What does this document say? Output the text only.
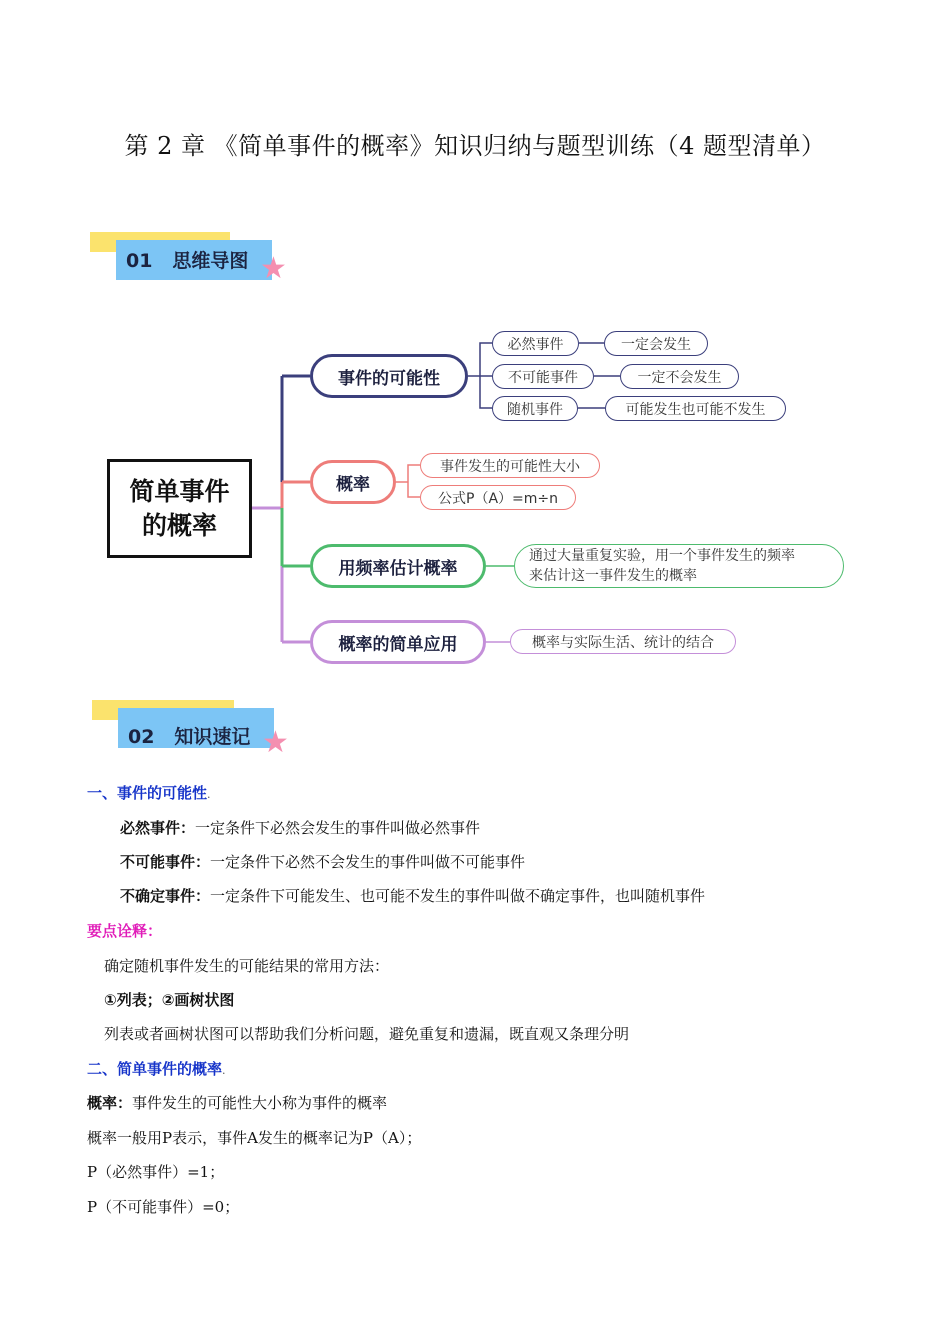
第 2 章 《简单事件的概率》知识归纳与题型训练（4 题型清单）
01 思维导图 ★
简单事件
的概率
事件的可能性
概率
用频率估计概率
概率的简单应用
必然事件	一定会发生
不可能事件	一定不会发生
随机事件	可能发生也可能不发生
事件发生的可能性大小
公式P（A）=m÷n
通过大量重复实验，用一个事件发生的频率
来估计这一事件发生的概率
概率与实际生活、统计的结合
02 知识速记 ★
一、事件的可能性.
必然事件：一定条件下必然会发生的事件叫做必然事件
不可能事件：一定条件下必然不会发生的事件叫做不可能事件
不确定事件：一定条件下可能发生、也可能不发生的事件叫做不确定事件，也叫随机事件
要点诠释：
确定随机事件发生的可能结果的常用方法：
①列表；②画树状图
列表或者画树状图可以帮助我们分析问题，避免重复和遗漏，既直观又条理分明
二、简单事件的概率.
概率：事件发生的可能性大小称为事件的概率
概率一般用P表示，事件A发生的概率记为P（A）；
P（必然事件）=1；
P（不可能事件）=0；
